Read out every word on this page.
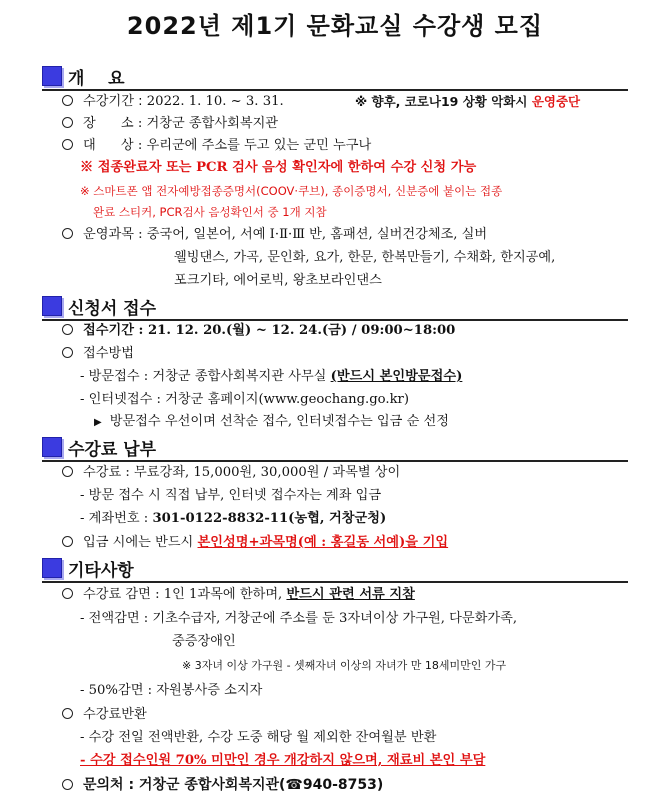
2022년 제1기 문화교실 수강생 모집
개    요
수강기간 : 2022. 1. 10. ~ 3. 31.	※ 향후, 코로나19 상황 악화시 운영중단
장      소 : 거창군 종합사회복지관
대      상 : 우리군에 주소를 두고 있는 군민 누구나
※ 접종완료자 또는 PCR 검사 음성 확인자에 한하여 수강 신청 가능
※ 스마트폰 앱 전자예방접종증명서(COOV·쿠브), 종이증명서, 신분증에 붙이는 접종
완료 스티커, PCR검사 음성확인서 중 1개 지참
운영과목 : 중국어, 일본어, 서예 Ⅰ·Ⅱ·Ⅲ 반, 홈패션, 실버건강체조, 실버
웰빙댄스, 가곡, 문인화, 요가, 한문, 한복만들기, 수채화, 한지공예,
포크기타, 에어로빅, 왕초보라인댄스
신청서 접수
접수기간 : 21. 12. 20.(월) ~ 12. 24.(금) / 09:00~18:00
접수방법
- 방문접수 : 거창군 종합사회복지관 사무실 (반드시 본인방문접수)
- 인터넷접수 : 거창군 홈페이지(www.geochang.go.kr)
▶ 방문접수 우선이며 선착순 접수, 인터넷접수는 입금 순 선정
수강료 납부
수강료 : 무료강좌, 15,000원, 30,000원 / 과목별 상이
- 방문 접수 시 직접 납부, 인터넷 접수자는 계좌 입금
- 계좌번호 : 301-0122-8832-11(농협, 거창군청)
입금 시에는 반드시 본인성명+과목명(예 : 홍길동 서예)을 기입
기타사항
수강료 감면 : 1인 1과목에 한하며, 반드시 관련 서류 지참
- 전액감면 : 기초수급자, 거창군에 주소를 둔 3자녀이상 가구원, 다문화가족,
중증장애인
※ 3자녀 이상 가구원 - 셋째자녀 이상의 자녀가 만 18세미만인 가구
- 50%감면 : 자원봉사증 소지자
수강료반환
- 수강 전일 전액반환, 수강 도중 해당 월 제외한 잔여월분 반환
- 수강 접수인원 70% 미만인 경우 개강하지 않으며, 재료비 본인 부담
문의처 : 거창군 종합사회복지관(☎940-8753)
